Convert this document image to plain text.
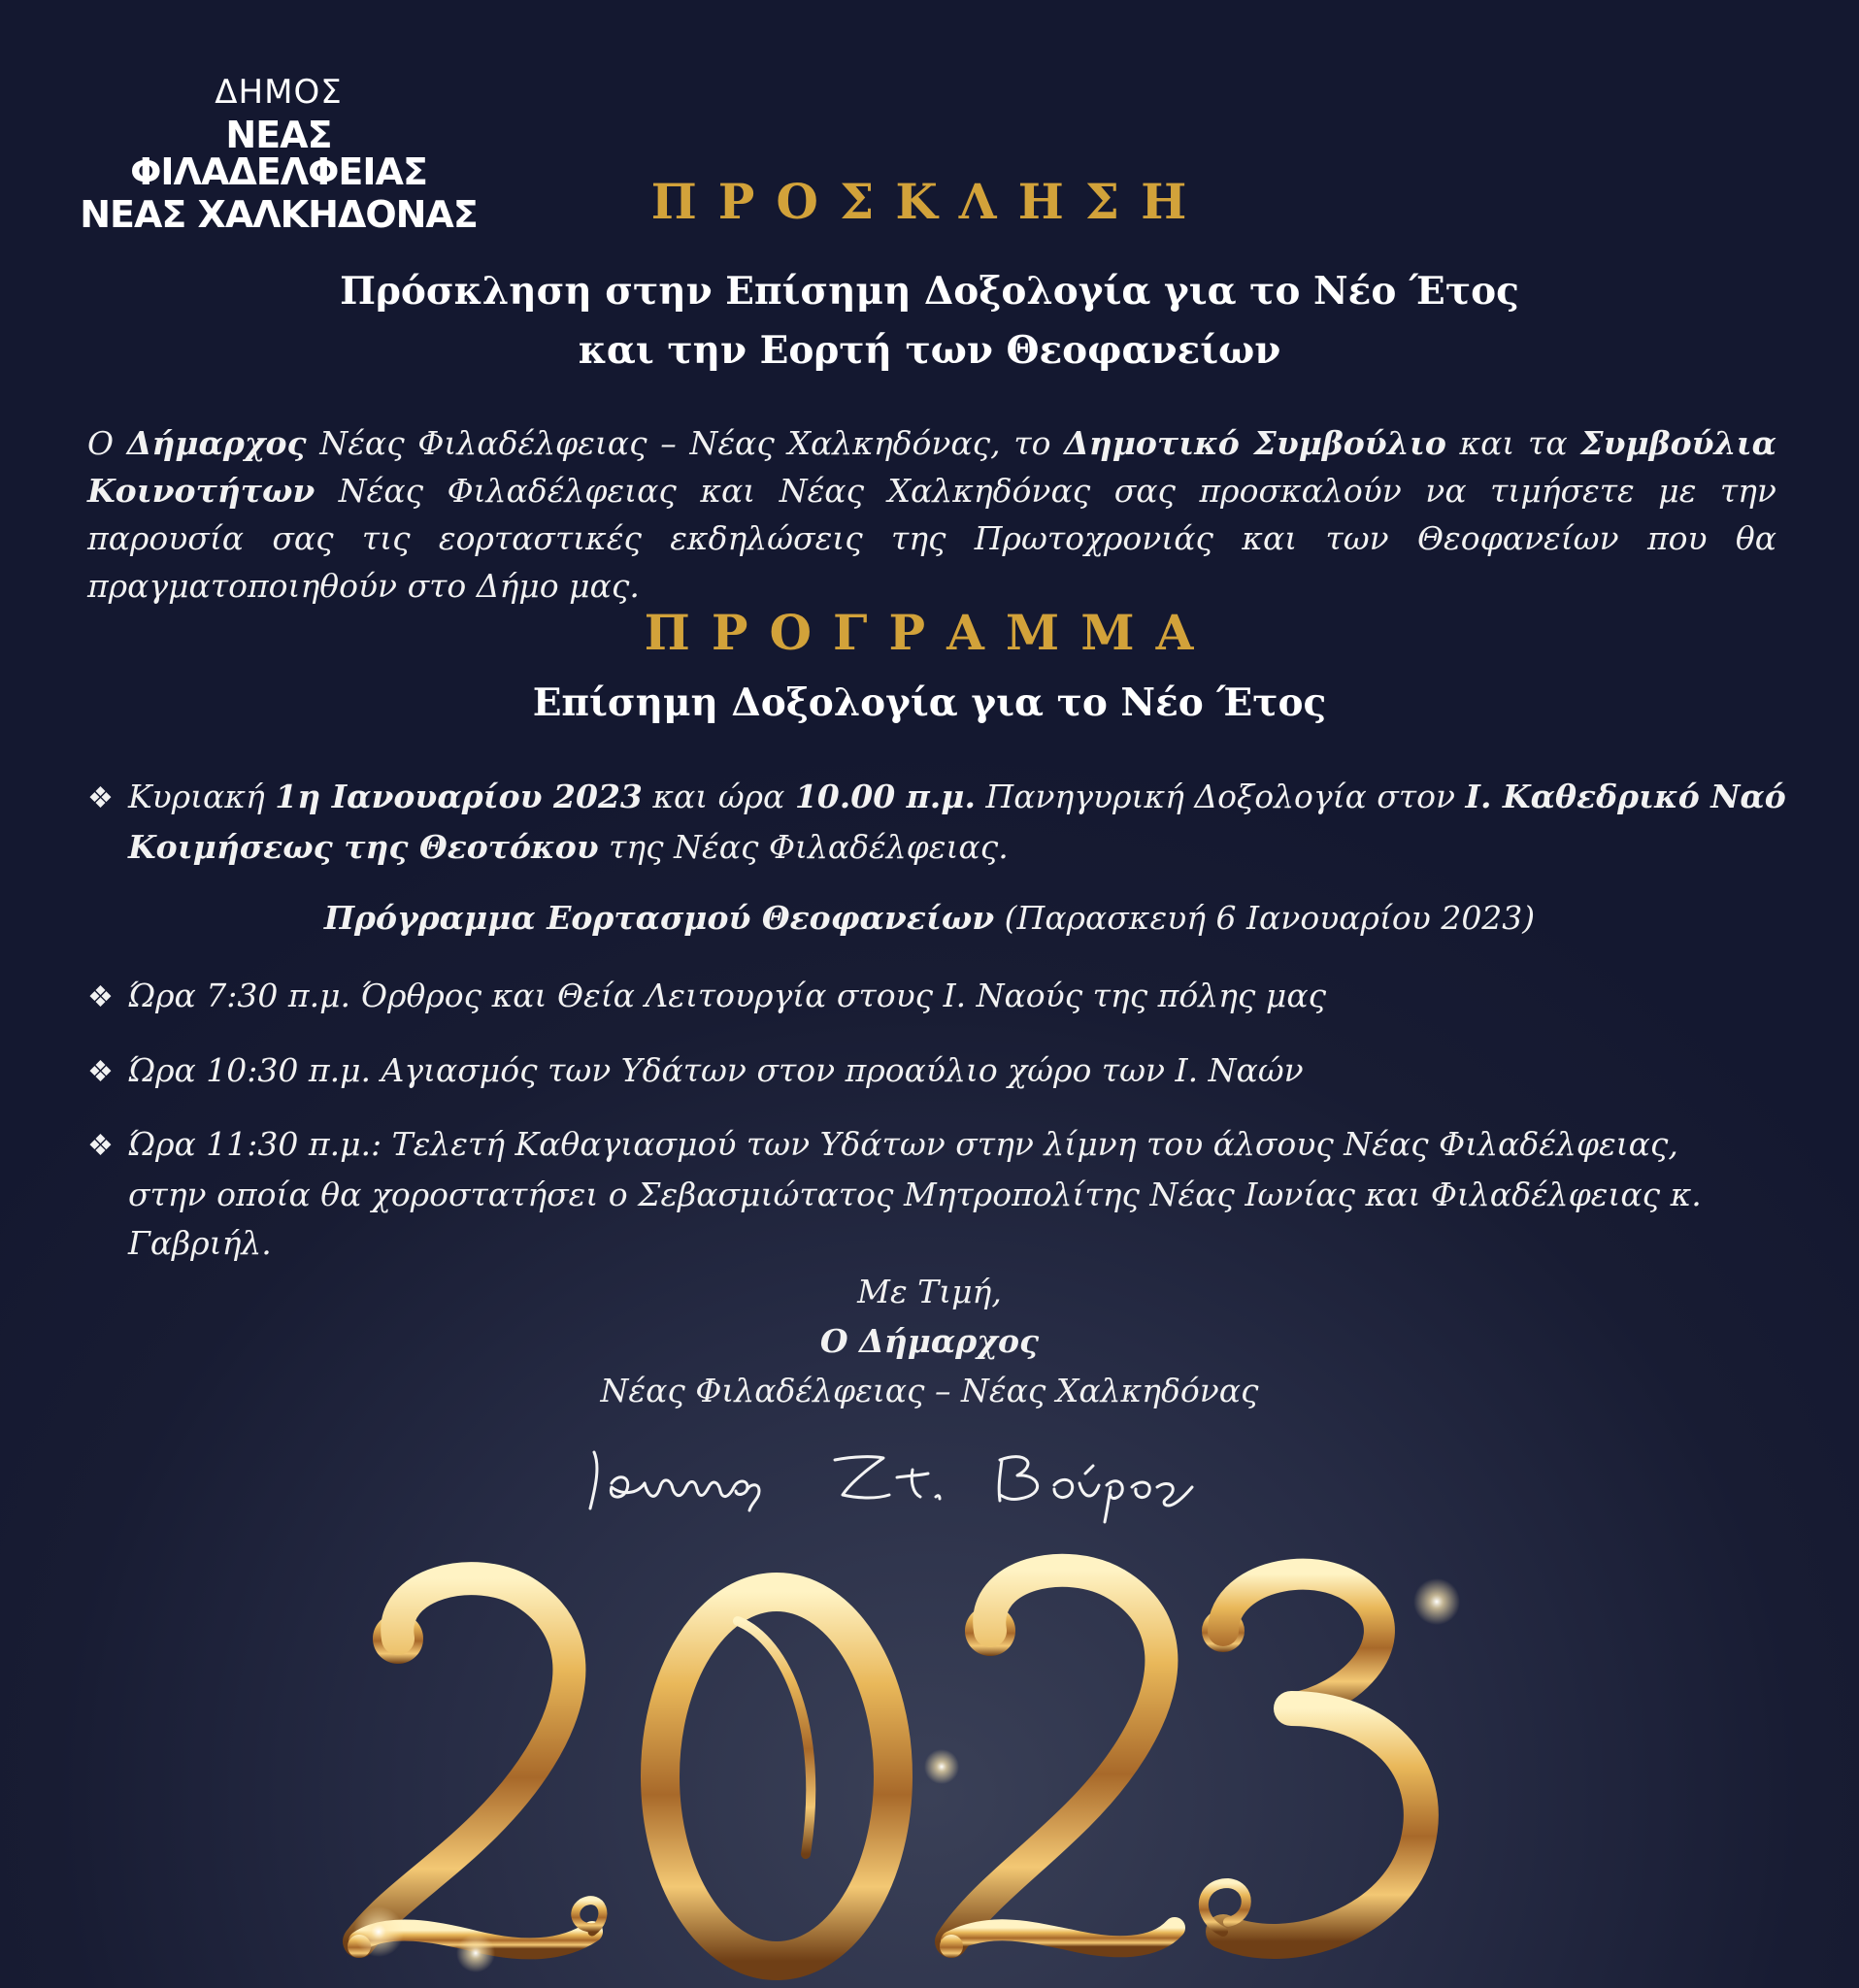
ΔΗΜΟΣ
ΝΕΑΣ ΦΙΛΑΔΕΛΦΕΙΑΣ
ΝΕΑΣ ΧΑΛΚΗΔΟΝΑΣ	ΠΡΟΣΚΛΗΣΗ
Πρόσκληση στην Επίσημη Δοξολογία για το Νέο Έτος
και την Εορτή των Θεοφανείων
Ο Δήμαρχος Νέας Φιλαδέλφειας – Νέας Χαλκηδόνας, το Δημοτικό Συμβούλιο και τα Συμβούλια Κοινοτήτων Νέας Φιλαδέλφειας και Νέας Χαλκηδόνας σας προσκαλούν να τιμήσετε με την παρουσία σας τις εορταστικές εκδηλώσεις της Πρωτοχρονιάς και των Θεοφανείων που θα πραγματοποιηθούν στο Δήμο μας.
ΠΡΟΓΡΑΜΜΑ
Επίσημη Δοξολογία για το Νέο Έτος
❖ Κυριακή 1η Ιανουαρίου 2023 και ώρα 10.00 π.μ. Πανηγυρική Δοξολογία στον Ι. Καθεδρικό Ναό
Κοιμήσεως της Θεοτόκου της Νέας Φιλαδέλφειας.
Πρόγραμμα Εορτασμού Θεοφανείων (Παρασκευή 6 Ιανουαρίου 2023)
❖ Ώρα 7:30 π.μ. Όρθρος και Θεία Λειτουργία στους Ι. Ναούς της πόλης μας
❖ Ώρα 10:30 π.μ. Αγιασμός των Υδάτων στον προαύλιο χώρο των Ι. Ναών
❖ Ώρα 11:30 π.μ.: Τελετή Καθαγιασμού των Υδάτων στην λίμνη του άλσους Νέας Φιλαδέλφειας,
στην οποία θα χοροστατήσει ο Σεβασμιώτατος Μητροπολίτης Νέας Ιωνίας και Φιλαδέλφειας κ. Γαβριήλ.
Με Τιμή,
Ο Δήμαρχος
Νέας Φιλαδέλφειας – Νέας Χαλκηδόνας
